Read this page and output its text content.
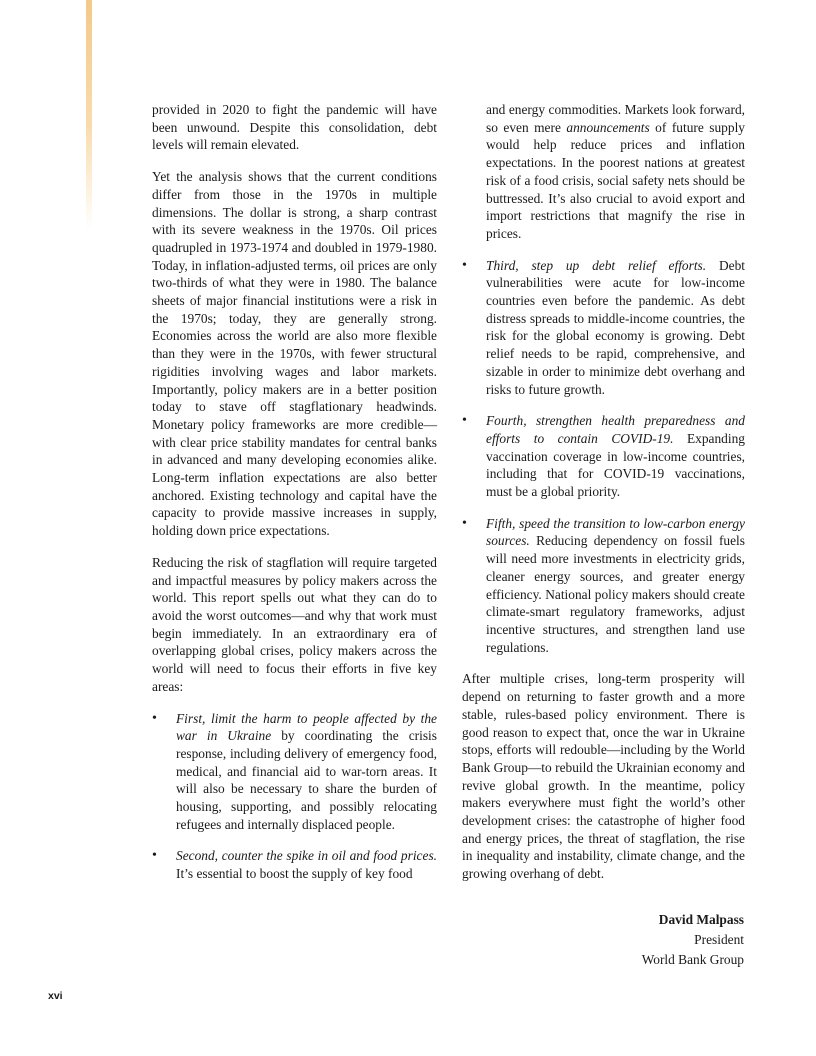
provided in 2020 to fight the pandemic will have been unwound. Despite this consolidation, debt levels will remain elevated.

Yet the analysis shows that the current conditions differ from those in the 1970s in multiple dimensions. The dollar is strong, a sharp contrast with its severe weakness in the 1970s. Oil prices quadrupled in 1973-1974 and doubled in 1979-1980. Today, in inflation-adjusted terms, oil prices are only two-thirds of what they were in 1980. The balance sheets of major financial institutions were a risk in the 1970s; today, they are generally strong. Economies across the world are also more flexible than they were in the 1970s, with fewer structural rigidities involving wages and labor markets. Importantly, policy makers are in a better position today to stave off stagflationary headwinds. Monetary policy frameworks are more credible—with clear price stability mandates for central banks in advanced and many developing economies alike. Long-term inflation expectations are also better anchored. Existing technology and capital have the capacity to provide massive increases in supply, holding down price expectations.

Reducing the risk of stagflation will require targeted and impactful measures by policy makers across the world. This report spells out what they can do to avoid the worst outcomes—and why that work must begin immediately. In an extraordinary era of overlapping global crises, policy makers across the world will need to focus their efforts in five key areas:

• First, limit the harm to people affected by the war in Ukraine by coordinating the crisis response, including delivery of emergency food, medical, and financial aid to war-torn areas. It will also be necessary to share the burden of housing, supporting, and possibly relocating refugees and internally displaced people.
• Second, counter the spike in oil and food prices. It’s essential to boost the supply of key food

and energy commodities. Markets look forward, so even mere announcements of future supply would help reduce prices and inflation expectations. In the poorest nations at greatest risk of a food crisis, social safety nets should be buttressed. It’s also crucial to avoid export and import restrictions that magnify the rise in prices.

• Third, step up debt relief efforts. Debt vulnerabilities were acute for low-income countries even before the pandemic. As debt distress spreads to middle-income countries, the risk for the global economy is growing. Debt relief needs to be rapid, comprehensive, and sizable in order to minimize debt overhang and risks to future growth.
• Fourth, strengthen health preparedness and efforts to contain COVID-19. Expanding vaccination coverage in low-income countries, including that for COVID-19 vaccinations, must be a global priority.
• Fifth, speed the transition to low-carbon energy sources. Reducing dependency on fossil fuels will need more investments in electricity grids, cleaner energy sources, and greater energy efficiency. National policy makers should create climate-smart regulatory frameworks, adjust incentive structures, and strengthen land use regulations.

After multiple crises, long-term prosperity will depend on returning to faster growth and a more stable, rules-based policy environment. There is good reason to expect that, once the war in Ukraine stops, efforts will redouble—including by the World Bank Group—to rebuild the Ukrainian economy and revive global growth. In the meantime, policy makers everywhere must fight the world’s other development crises: the catastrophe of higher food and energy prices, the threat of stagflation, the rise in inequality and instability, climate change, and the growing overhang of debt.

David Malpass
President
World Bank Group
xvi
